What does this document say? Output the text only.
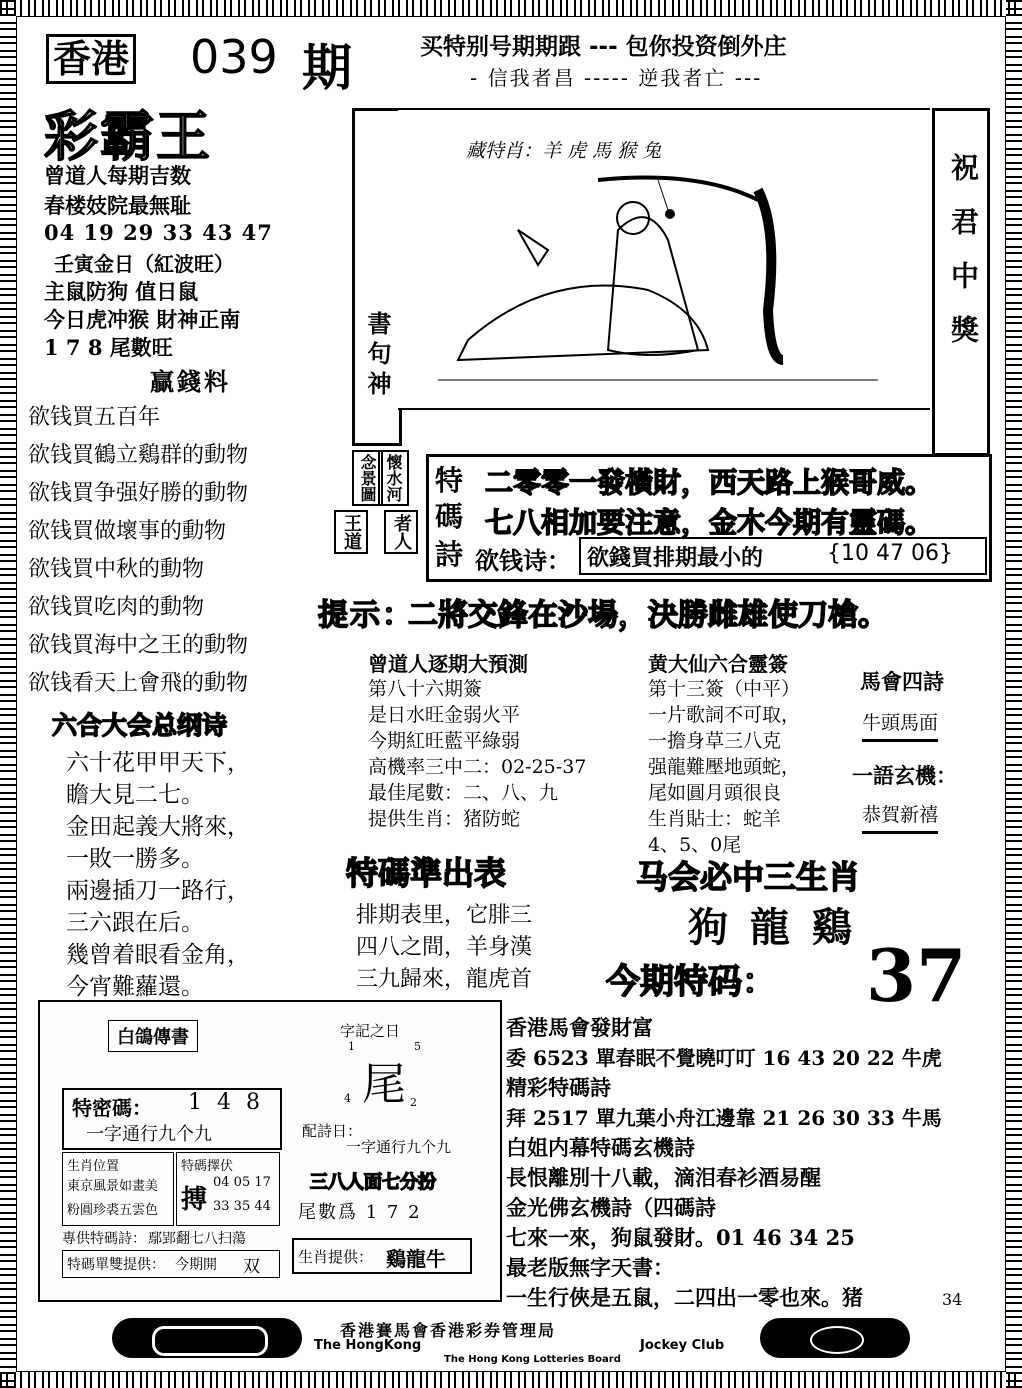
香港 039 期
彩霸王
买特别号期期跟 --- 包你投资倒外庄
- 信我者昌 ----- 逆我者亡 ---
曾道人每期吉数
春楼妓院最無耻
04 19 29 33 43 47
壬寅金日（紅波旺）
主鼠防狗 值日鼠
今日虎冲猴 財神正南
1 7 8 尾數旺
贏錢料
欲钱買五百年
欲钱買鶴立鷄群的動物
欲钱買争强好勝的動物
欲钱買做壞事的動物
欲钱買中秋的動物
欲钱買吃肉的動物
欲钱買海中之王的動物
欲钱看天上會飛的動物
書句神
藏特肖：羊 虎 馬 猴 兔
祝君中獎
懷水河
念景圖
王道	者人
特
碼
詩
二零零一發橫財，西天路上猴哥威。
七八相加要注意，金木今期有靈碼。
欲钱诗： 欲錢買排期最小的	{10 47 06}
提示：
二將交鋒在沙場，決勝雌雄使刀槍。
六合大会总纲诗
六十花甲甲天下，
瞻大見二七。
金田起義大將來，
一敗一勝多。
兩邊插刀一路行，
三六跟在后。
幾曾着眼看金角，
今宵難蘿還。
曾道人逐期大預測
第八十六期簽
是日水旺金弱火平
今期紅旺藍平綠弱
高機率三中二：02-25-37
最佳尾數：二、八、九
提供生肖：猪防蛇
黄大仙六合靈簽
第十三簽（中平）
一片歌詞不可取，
一擔身草三八克
强龍難壓地頭蛇，
尾如圓月頭很良
生肖貼士：蛇羊
4、5、0尾
馬會四詩
牛頭馬面
一語玄機：
恭賀新禧
特碼準出表
排期表里，它腓三
四八之間，羊身漢
三九歸來，龍虎首
马会必中三生肖
狗 龍 鷄
今期特码： 37
白鴿傳書
特密碼： 1 4 8
一字通行九个九
生肖位置
東京風景如畫美
粉圓珍裘五雲色
特碼擇伏
搏
04 05 17
33 35 44
專供特碼詩： 鄢郢翻七八扫蕩
特碼單雙提供： 今期開 双
字記之日
1	5
尾
4	2
配詩日：
一字通行九个九
三八人面七分扮
尾數爲 1 7 2
生肖提供： 鷄龍牛
香港馬會發財富
委 6523 單春眠不覺曉叮叮 16 43 20 22 牛虎
精彩特碼詩
拜 2517 單九葉小舟江邊靠 21 26 30 33 牛馬
白姐内幕特碼玄機詩
長恨離別十八載，滴泪春衫酒易醒
金光佛玄機詩（四碼詩
七來一來，狗鼠發財。01 46 34 25
最老版無字天書：
一生行俠是五鼠，二四出一零也來。猪	34
香港賽馬會香港彩券管理局
The HongKong	Jockey Club
The Hong Kong Lotteries Board
